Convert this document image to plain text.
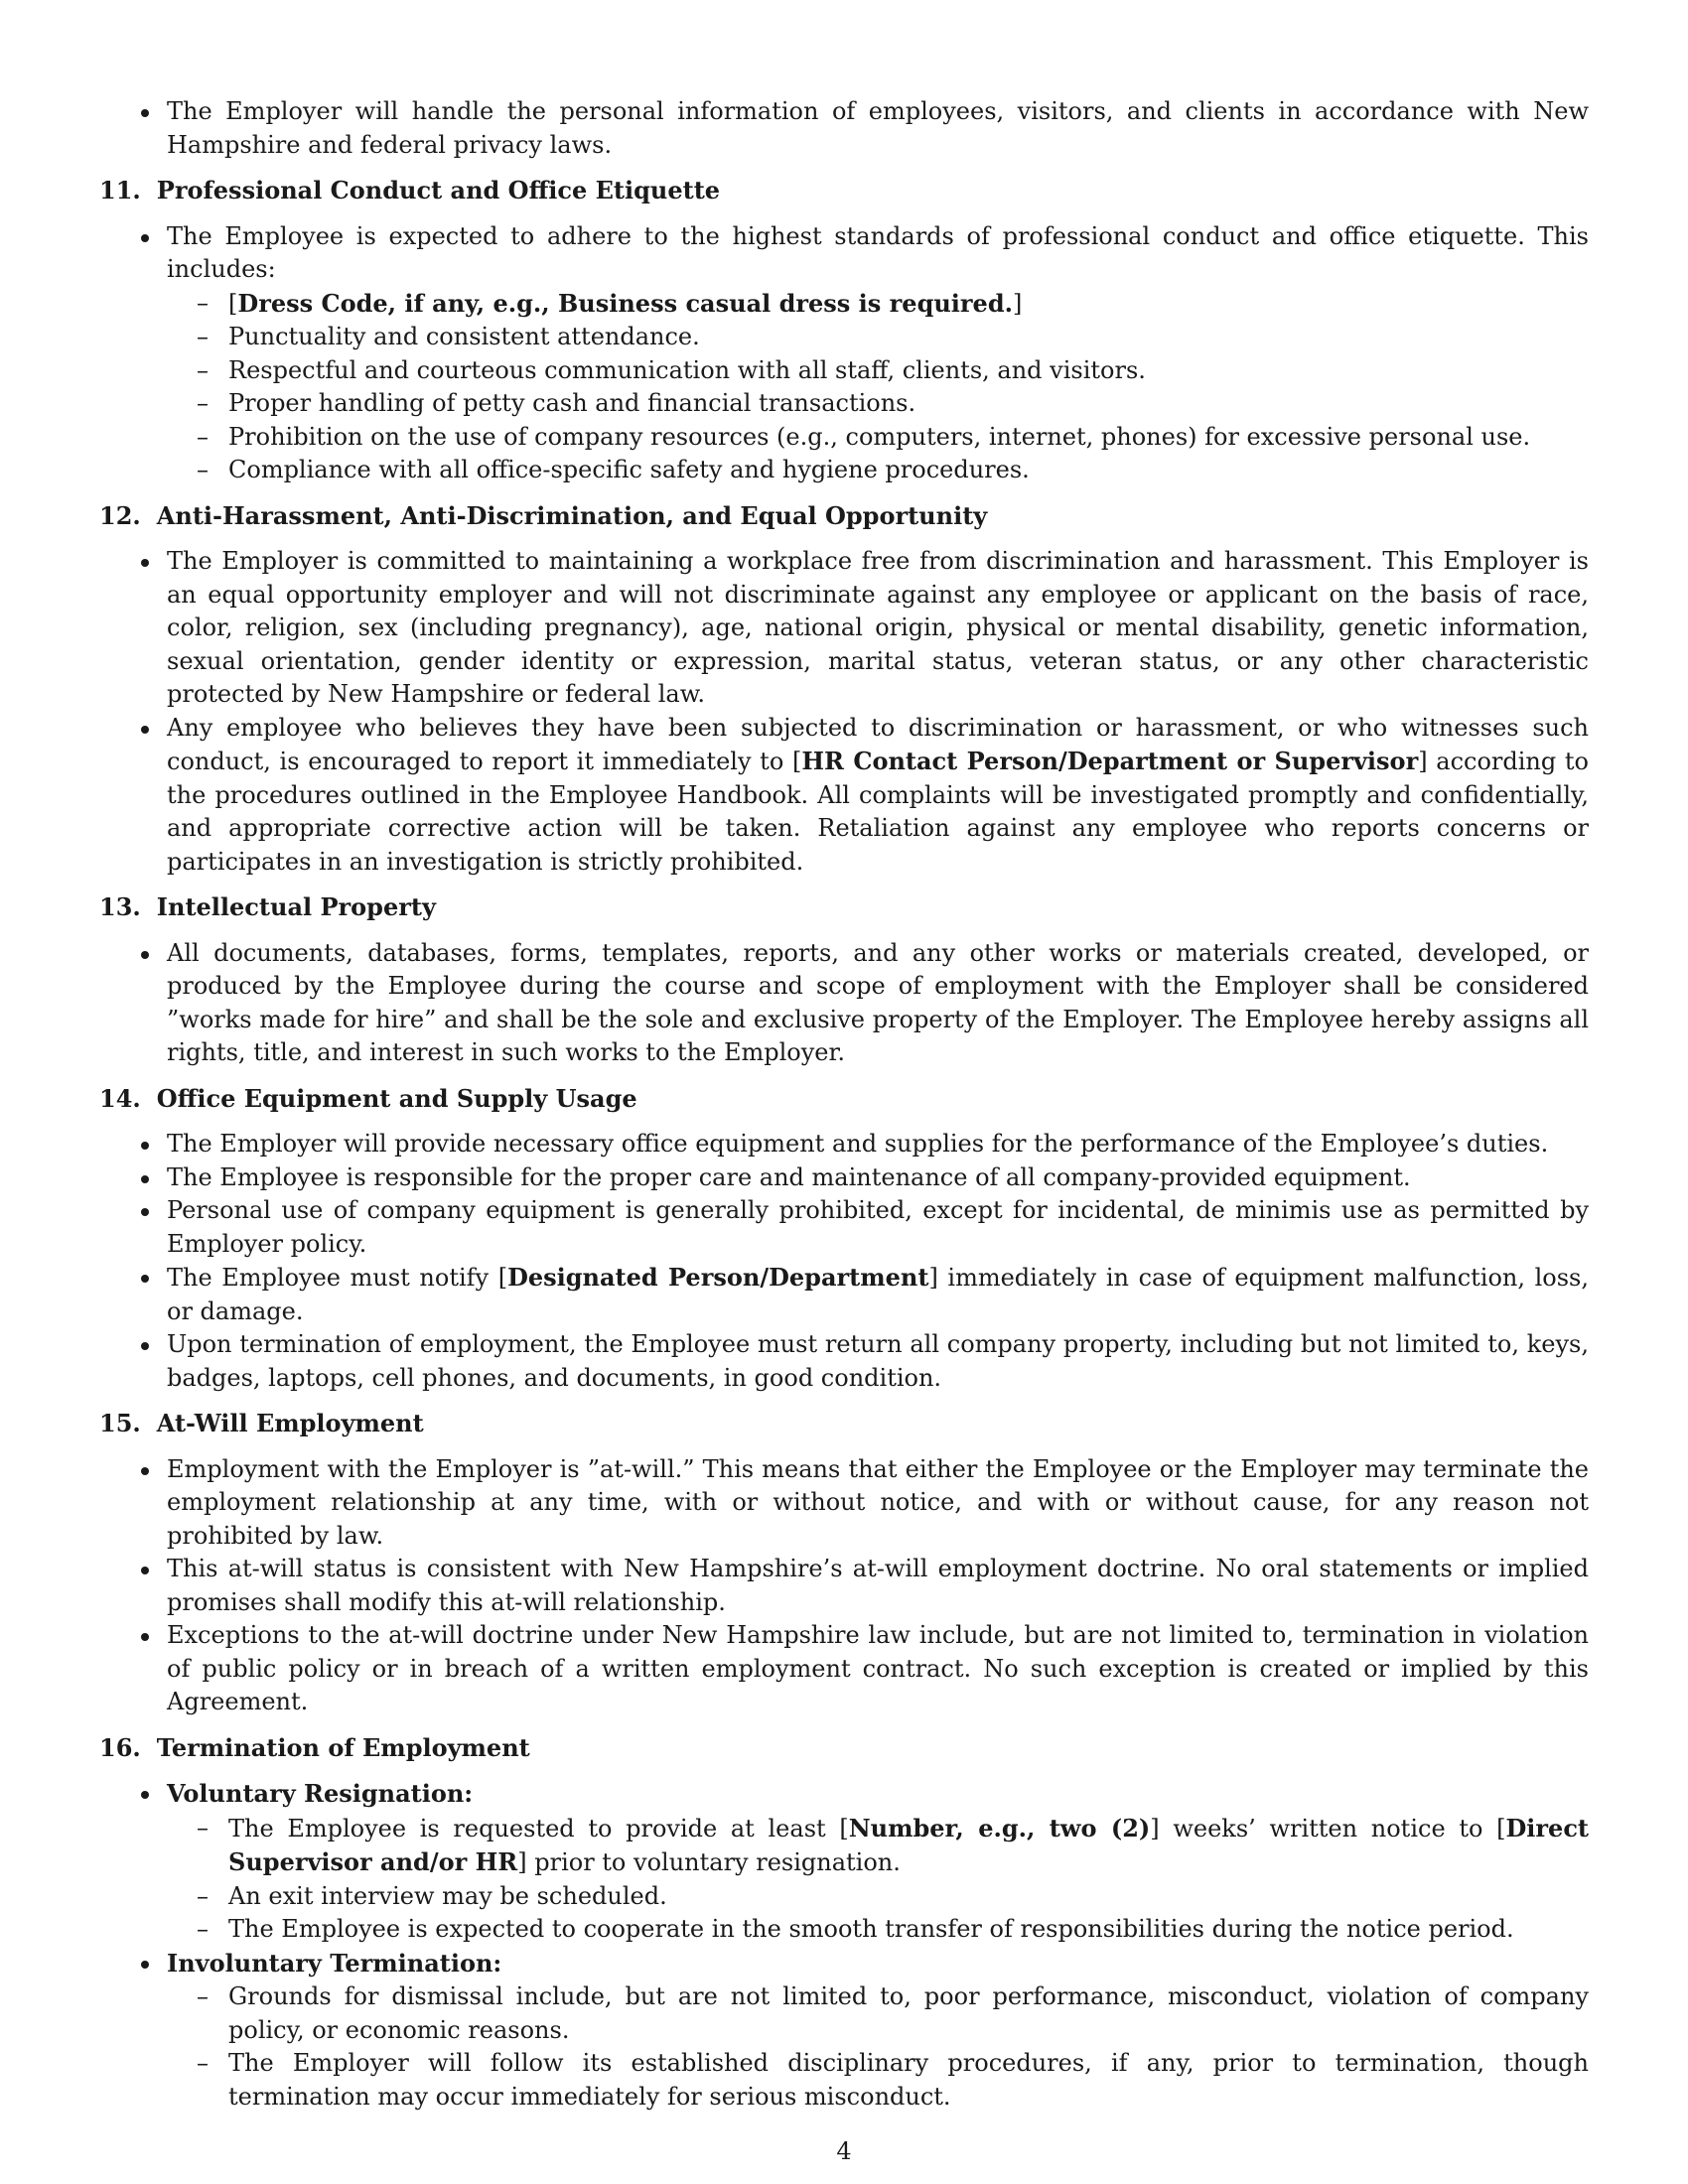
The Employer will handle the personal information of employees, visitors, and clients in accordance with New Hampshire and federal privacy laws.
11. Professional Conduct and Office Etiquette
The Employee is expected to adhere to the highest standards of professional conduct and office etiquette. This includes:
– [Dress Code, if any, e.g., Business casual dress is required.]
– Punctuality and consistent attendance.
– Respectful and courteous communication with all staff, clients, and visitors.
– Proper handling of petty cash and financial transactions.
– Prohibition on the use of company resources (e.g., computers, internet, phones) for excessive personal use.
– Compliance with all office-specific safety and hygiene procedures.
12. Anti-Harassment, Anti-Discrimination, and Equal Opportunity
The Employer is committed to maintaining a workplace free from discrimination and harassment. This Employer is an equal opportunity employer and will not discriminate against any employee or applicant on the basis of race, color, religion, sex (including pregnancy), age, national origin, physical or mental disability, genetic information, sexual orientation, gender identity or expression, marital status, veteran status, or any other characteristic protected by New Hampshire or federal law.
Any employee who believes they have been subjected to discrimination or harassment, or who witnesses such conduct, is encouraged to report it immediately to [HR Contact Person/Department or Supervisor] according to the procedures outlined in the Employee Handbook. All complaints will be investigated promptly and confidentially, and appropriate corrective action will be taken. Retaliation against any employee who reports concerns or participates in an investigation is strictly prohibited.
13. Intellectual Property
All documents, databases, forms, templates, reports, and any other works or materials created, developed, or produced by the Employee during the course and scope of employment with the Employer shall be considered ”works made for hire” and shall be the sole and exclusive property of the Employer. The Employee hereby assigns all rights, title, and interest in such works to the Employer.
14. Office Equipment and Supply Usage
The Employer will provide necessary office equipment and supplies for the performance of the Employee’s duties.
The Employee is responsible for the proper care and maintenance of all company-provided equipment.
Personal use of company equipment is generally prohibited, except for incidental, de minimis use as permitted by Employer policy.
The Employee must notify [Designated Person/Department] immediately in case of equipment malfunction, loss, or damage.
Upon termination of employment, the Employee must return all company property, including but not limited to, keys, badges, laptops, cell phones, and documents, in good condition.
15. At-Will Employment
Employment with the Employer is ”at-will.” This means that either the Employee or the Employer may terminate the employment relationship at any time, with or without notice, and with or without cause, for any reason not prohibited by law.
This at-will status is consistent with New Hampshire’s at-will employment doctrine. No oral statements or implied promises shall modify this at-will relationship.
Exceptions to the at-will doctrine under New Hampshire law include, but are not limited to, termination in violation of public policy or in breach of a written employment contract. No such exception is created or implied by this Agreement.
16. Termination of Employment
Voluntary Resignation:
– The Employee is requested to provide at least [Number, e.g., two (2)] weeks’ written notice to [Direct Supervisor and/or HR] prior to voluntary resignation.
– An exit interview may be scheduled.
– The Employee is expected to cooperate in the smooth transfer of responsibilities during the notice period.
Involuntary Termination:
– Grounds for dismissal include, but are not limited to, poor performance, misconduct, violation of company policy, or economic reasons.
– The Employer will follow its established disciplinary procedures, if any, prior to termination, though termination may occur immediately for serious misconduct.
4
